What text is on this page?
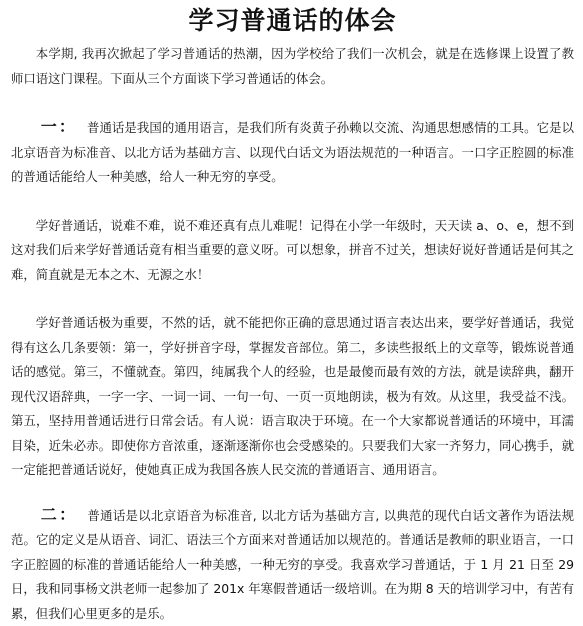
学习普通话的体会

本学期, 我再次掀起了学习普通话的热潮，因为学校给了我们一次机会，就是在选修课上设置了教师口语这门课程。下面从三个方面谈下学习普通话的体会。

一： 普通话是我国的通用语言，是我们所有炎黄子孙赖以交流、沟通思想感情的工具。它是以北京语音为标准音、以北方话为基础方言、以现代白话文为语法规范的一种语言。一口字正腔圆的标准的普通话能给人一种美感，给人一种无穷的享受。

学好普通话，说难不难，说不难还真有点儿难呢！记得在小学一年级时，天天读 a、o、e，想不到这对我们后来学好普通话竟有相当重要的意义呀。可以想象，拼音不过关，想读好说好普通话是何其之难，简直就是无本之木、无源之水！

学好普通话极为重要，不然的话，就不能把你正确的意思通过语言表达出来，要学好普通话，我觉得有这么几条要领：第一，学好拼音字母，掌握发音部位。第二，多读些报纸上的文章等，锻炼说普通话的感觉。第三，不懂就查。第四，纯属我个人的经验，也是最傻而最有效的方法，就是读辞典，翻开现代汉语辞典，一字一字、一词一词、一句一句、一页一页地朗读，极为有效。从这里，我受益不浅。第五，坚持用普通话进行日常会话。有人说：语言取决于环境。在一个大家都说普通话的环境中，耳濡目染，近朱必赤。即使你方音浓重，逐渐逐渐你也会受感染的。只要我们大家一齐努力，同心携手，就一定能把普通话说好，使她真正成为我国各族人民交流的普通语言、通用语言。

二： 普通话是以北京语音为标准音, 以北方话为基础方言, 以典范的现代白话文著作为语法规范。它的定义是从语音、词汇、语法三个方面来对普通话加以规范的。普通话是教师的职业语言，一口字正腔圆的标准的普通话能给人一种美感，一种无穷的享受。我喜欢学习普通话，于 1 月 21 日至 29 日，我和同事杨文洪老师一起参加了 201x 年寒假普通话一级培训。在为期 8 天的培训学习中，有苦有累，但我们心里更多的是乐。
